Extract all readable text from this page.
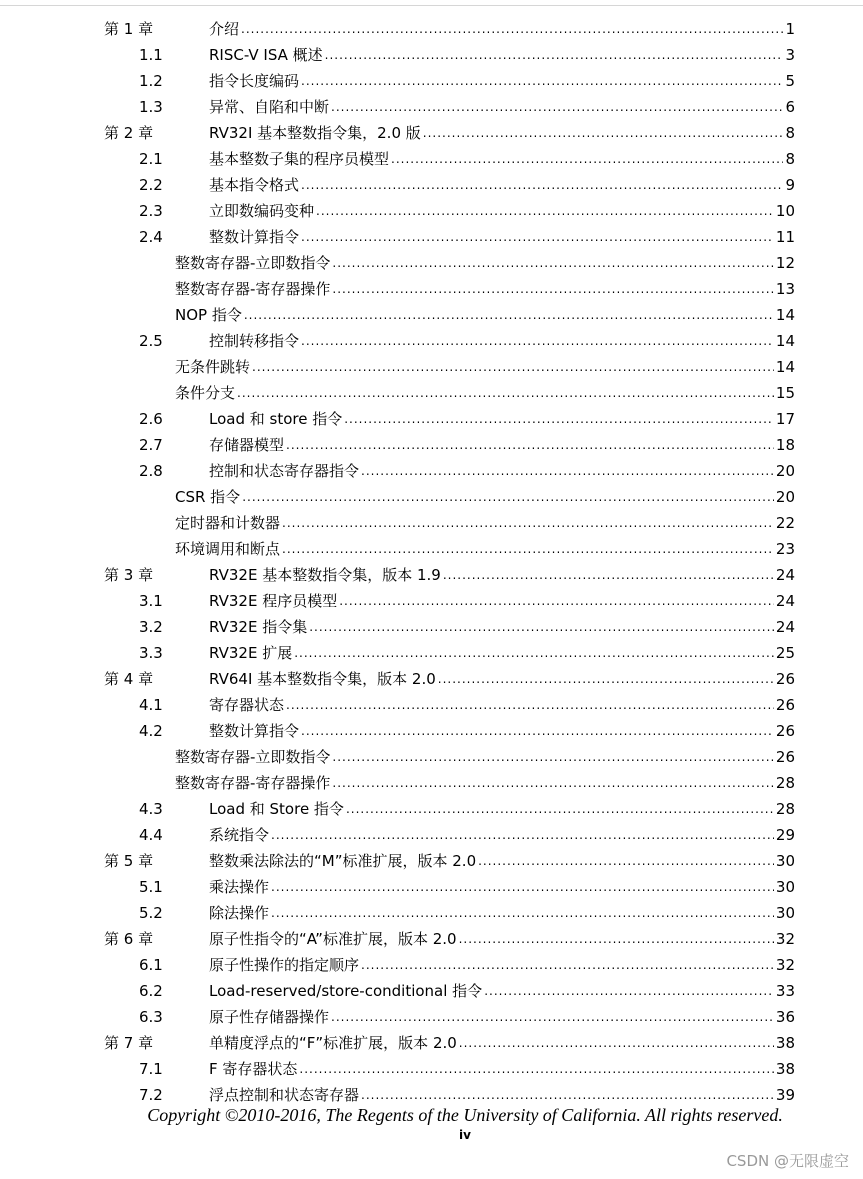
第 1 章	介绍 .....	1
1.1	RISC-V ISA 概述 .....	3
1.2	指令长度编码 .....	5
1.3	异常、自陷和中断 .....	6
第 2 章	RV32I 基本整数指令集，2.0 版 .....	8
2.1	基本整数子集的程序员模型 .....	8
2.2	基本指令格式 .....	9
2.3	立即数编码变种 .....	10
2.4	整数计算指令 .....	11
整数寄存器-立即数指令 .....	12
整数寄存器-寄存器操作 .....	13
NOP 指令 .....	14
2.5	控制转移指令 .....	14
无条件跳转 .....	14
条件分支 .....	15
2.6	Load 和 store 指令 .....	17
2.7	存储器模型 .....	18
2.8	控制和状态寄存器指令 .....	20
CSR 指令 .....	20
定时器和计数器 .....	22
环境调用和断点 .....	23
第 3 章	RV32E 基本整数指令集，版本 1.9 .....	24
3.1	RV32E 程序员模型 .....	24
3.2	RV32E 指令集 .....	24
3.3	RV32E 扩展 .....	25
第 4 章	RV64I 基本整数指令集，版本 2.0 .....	26
4.1	寄存器状态 .....	26
4.2	整数计算指令 .....	26
整数寄存器-立即数指令 .....	26
整数寄存器-寄存器操作 .....	28
4.3	Load 和 Store 指令 .....	28
4.4	系统指令 .....	29
第 5 章	整数乘法除法的“M”标准扩展，版本 2.0 .....	30
5.1	乘法操作 .....	30
5.2	除法操作 .....	30
第 6 章	原子性指令的“A”标准扩展，版本 2.0 .....	32
6.1	原子性操作的指定顺序 .....	32
6.2	Load-reserved/store-conditional 指令 .....	33
6.3	原子性存储器操作 .....	36
第 7 章	单精度浮点的“F”标准扩展，版本 2.0 .....	38
7.1	F 寄存器状态 .....	38
7.2	浮点控制和状态寄存器 .....	39
Copyright ©2010-2016, The Regents of the University of California. All rights reserved.
iv
CSDN @无限虚空
